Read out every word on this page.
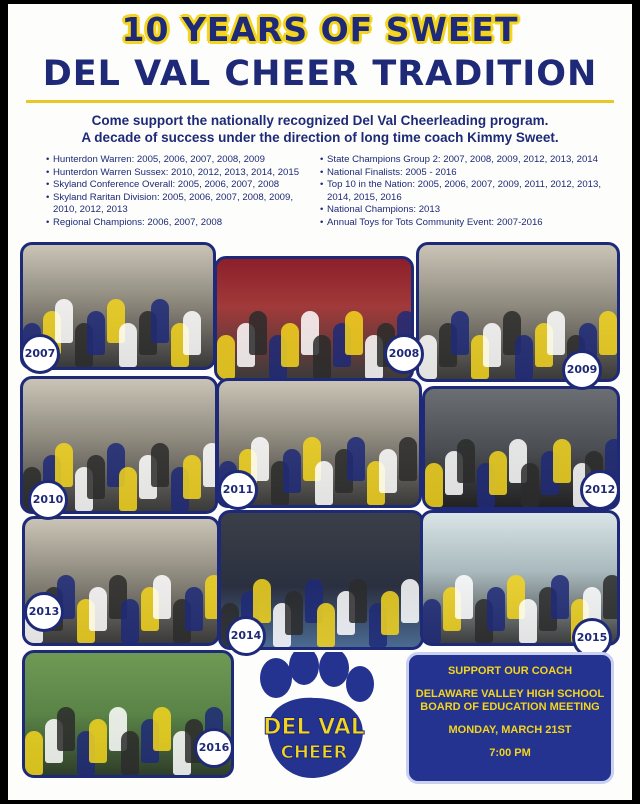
10 YEARS OF SWEET
DEL VAL CHEER TRADITION
Come support the nationally recognized Del Val Cheerleading program.
A decade of success under the direction of long time coach Kimmy Sweet.
• Hunterdon Warren: 2005, 2006, 2007, 2008, 2009
• Hunterdon Warren Sussex: 2010, 2012, 2013, 2014, 2015
• Skyland Conference Overall: 2005, 2006, 2007, 2008
• Skyland Raritan Division: 2005, 2006, 2007, 2008, 2009, 2010, 2012, 2013
• Regional Champions: 2006, 2007, 2008
• State Champions Group 2: 2007, 2008, 2009, 2012, 2013, 2014
• National Finalists: 2005 - 2016
• Top 10 in the Nation: 2005, 2006, 2007, 2009, 2011, 2012, 2013, 2014, 2015, 2016
• National Champions: 2013
• Annual Toys for Tots Community Event: 2007-2016
2007	2008
2009
2010
2011	2012
2013
2014	2015
2016
DEL VAL
CHEER
SUPPORT OUR COACH
DELAWARE VALLEY HIGH SCHOOL
BOARD OF EDUCATION MEETING
MONDAY, MARCH 21ST
7:00 PM
